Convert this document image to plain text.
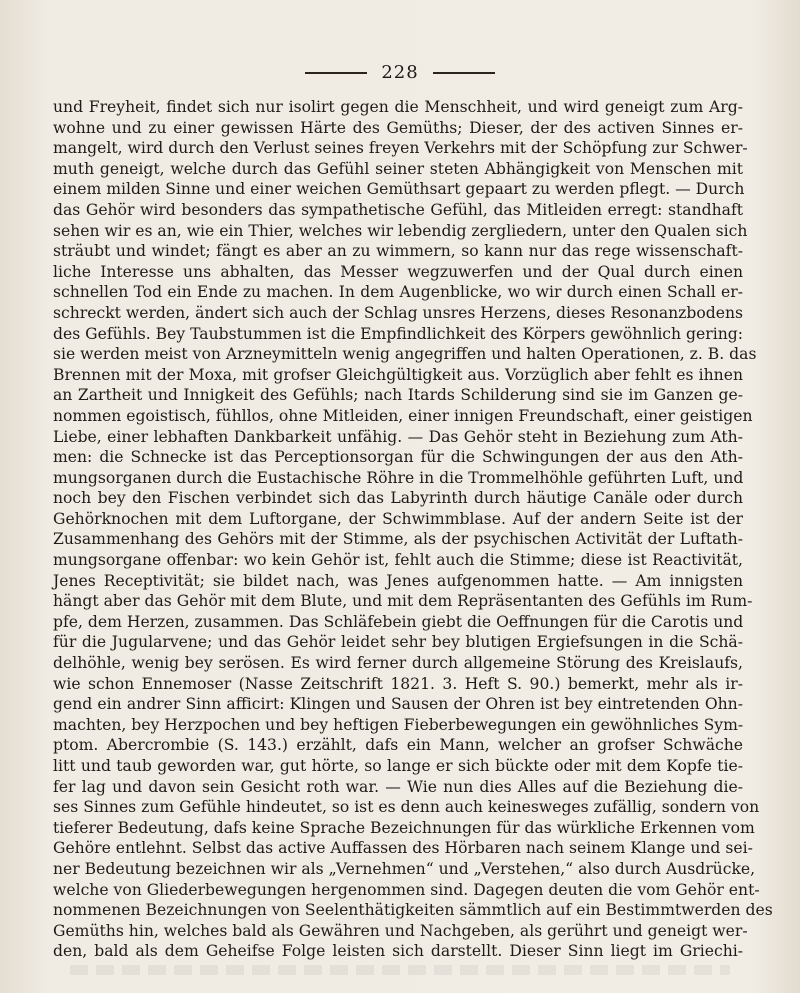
228
und Freyheit, findet sich nur isolirt gegen die Menschheit, und wird geneigt zum Arg-
wohne und zu einer gewissen Härte des Gemüths; Dieser, der des activen Sinnes er-
mangelt, wird durch den Verlust seines freyen Verkehrs mit der Schöpfung zur Schwer-
muth geneigt, welche durch das Gefühl seiner steten Abhängigkeit von Menschen mit
einem milden Sinne und einer weichen Gemüthsart gepaart zu werden pflegt. — Durch
das Gehör wird besonders das sympathetische Gefühl, das Mitleiden erregt: standhaft
sehen wir es an, wie ein Thier, welches wir lebendig zergliedern, unter den Qualen sich
sträubt und windet; fängt es aber an zu wimmern, so kann nur das rege wissenschaft-
liche Interesse uns abhalten, das Messer wegzuwerfen und der Qual durch einen
schnellen Tod ein Ende zu machen. In dem Augenblicke, wo wir durch einen Schall er-
schreckt werden, ändert sich auch der Schlag unsres Herzens, dieses Resonanzbodens
des Gefühls. Bey Taubstummen ist die Empfindlichkeit des Körpers gewöhnlich gering:
sie werden meist von Arzneymitteln wenig angegriffen und halten Operationen, z. B. das
Brennen mit der Moxa, mit grofser Gleichgültigkeit aus. Vorzüglich aber fehlt es ihnen
an Zartheit und Innigkeit des Gefühls; nach Itards Schilderung sind sie im Ganzen ge-
nommen egoistisch, fühllos, ohne Mitleiden, einer innigen Freundschaft, einer geistigen
Liebe, einer lebhaften Dankbarkeit unfähig. — Das Gehör steht in Beziehung zum Ath-
men: die Schnecke ist das Perceptionsorgan für die Schwingungen der aus den Ath-
mungsorganen durch die Eustachische Röhre in die Trommelhöhle geführten Luft, und
noch bey den Fischen verbindet sich das Labyrinth durch häutige Canäle oder durch
Gehörknochen mit dem Luftorgane, der Schwimmblase. Auf der andern Seite ist der
Zusammenhang des Gehörs mit der Stimme, als der psychischen Activität der Luftath-
mungsorgane offenbar: wo kein Gehör ist, fehlt auch die Stimme; diese ist Reactivität,
Jenes Receptivität; sie bildet nach, was Jenes aufgenommen hatte. — Am innigsten
hängt aber das Gehör mit dem Blute, und mit dem Repräsentanten des Gefühls im Rum-
pfe, dem Herzen, zusammen. Das Schläfebein giebt die Oeffnungen für die Carotis und
für die Jugularvene; und das Gehör leidet sehr bey blutigen Ergiefsungen in die Schä-
delhöhle, wenig bey serösen. Es wird ferner durch allgemeine Störung des Kreislaufs,
wie schon Ennemoser (Nasse Zeitschrift 1821. 3. Heft S. 90.) bemerkt, mehr als ir-
gend ein andrer Sinn afficirt: Klingen und Sausen der Ohren ist bey eintretenden Ohn-
machten, bey Herzpochen und bey heftigen Fieberbewegungen ein gewöhnliches Sym-
ptom. Abercrombie (S. 143.) erzählt, dafs ein Mann, welcher an grofser Schwäche
litt und taub geworden war, gut hörte, so lange er sich bückte oder mit dem Kopfe tie-
fer lag und davon sein Gesicht roth war. — Wie nun dies Alles auf die Beziehung die-
ses Sinnes zum Gefühle hindeutet, so ist es denn auch keinesweges zufällig, sondern von
tieferer Bedeutung, dafs keine Sprache Bezeichnungen für das würkliche Erkennen vom
Gehöre entlehnt. Selbst das active Auffassen des Hörbaren nach seinem Klange und sei-
ner Bedeutung bezeichnen wir als „Vernehmen“ und „Verstehen,“ also durch Ausdrücke,
welche von Gliederbewegungen hergenommen sind. Dagegen deuten die vom Gehör ent-
nommenen Bezeichnungen von Seelenthätigkeiten sämmtlich auf ein Bestimmtwerden des
Gemüths hin, welches bald als Gewähren und Nachgeben, als gerührt und geneigt wer-
den, bald als dem Geheifse Folge leisten sich darstellt. Dieser Sinn liegt im Griechi-
